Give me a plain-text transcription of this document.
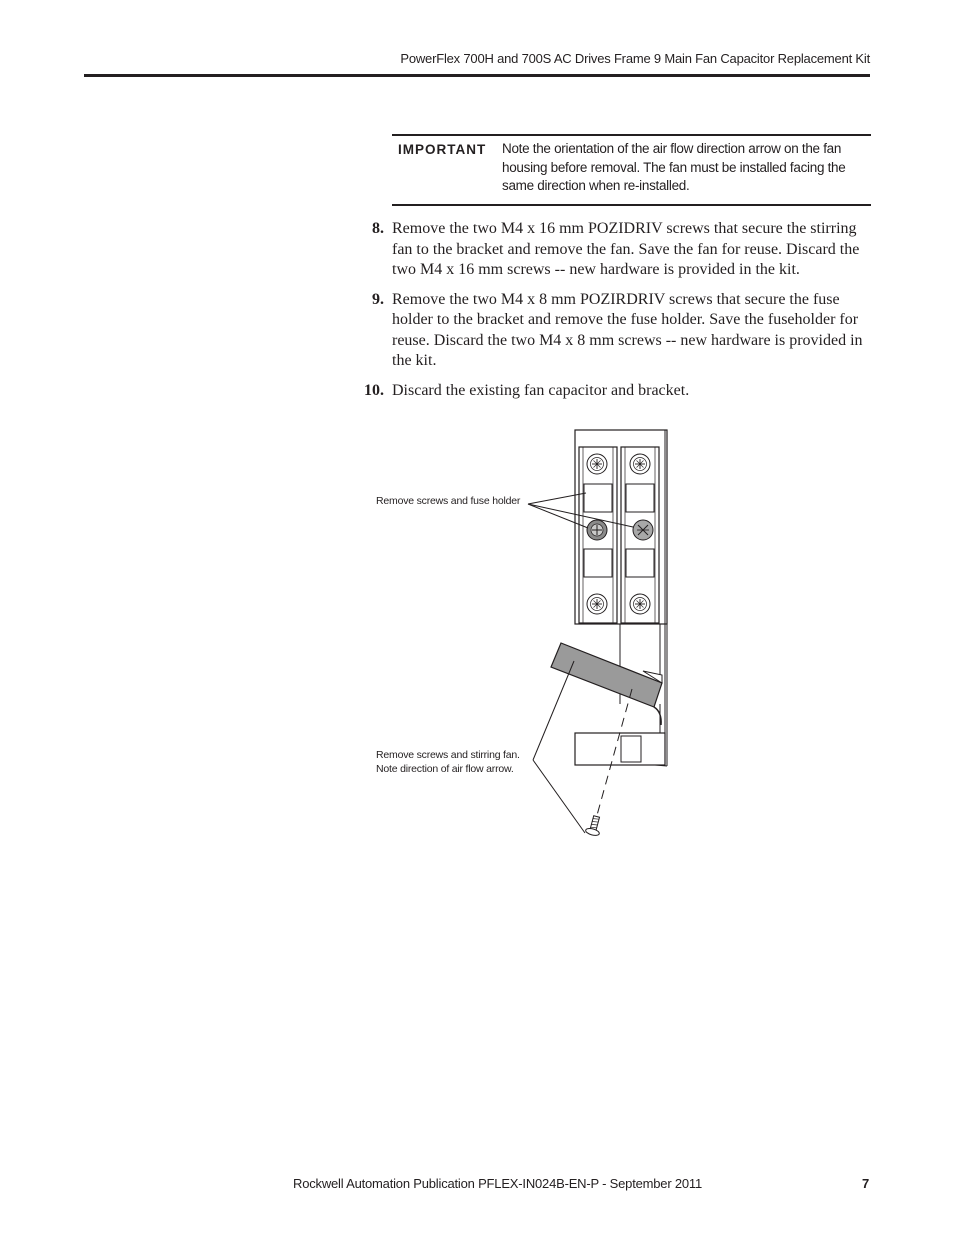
PowerFlex 700H and 700S AC Drives Frame 9 Main Fan Capacitor Replacement Kit
IMPORTANT Note the orientation of the air flow direction arrow on the fan housing before removal. The fan must be installed facing the same direction when re-installed.
8. Remove the two M4 x 16 mm POZIDRIV screws that secure the stirring fan to the bracket and remove the fan. Save the fan for reuse. Discard the two M4 x 16 mm screws -- new hardware is provided in the kit.
9. Remove the two M4 x 8 mm POZIRDRIV screws that secure the fuse holder to the bracket and remove the fuse holder. Save the fuseholder for reuse. Discard the two M4 x 8 mm screws -- new hardware is provided in the kit.
10. Discard the existing fan capacitor and bracket.
Remove screws and fuse holder
Remove screws and stirring fan.
Note direction of air flow arrow.
Rockwell Automation Publication PFLEX-IN024B-EN-P - September 2011	7
